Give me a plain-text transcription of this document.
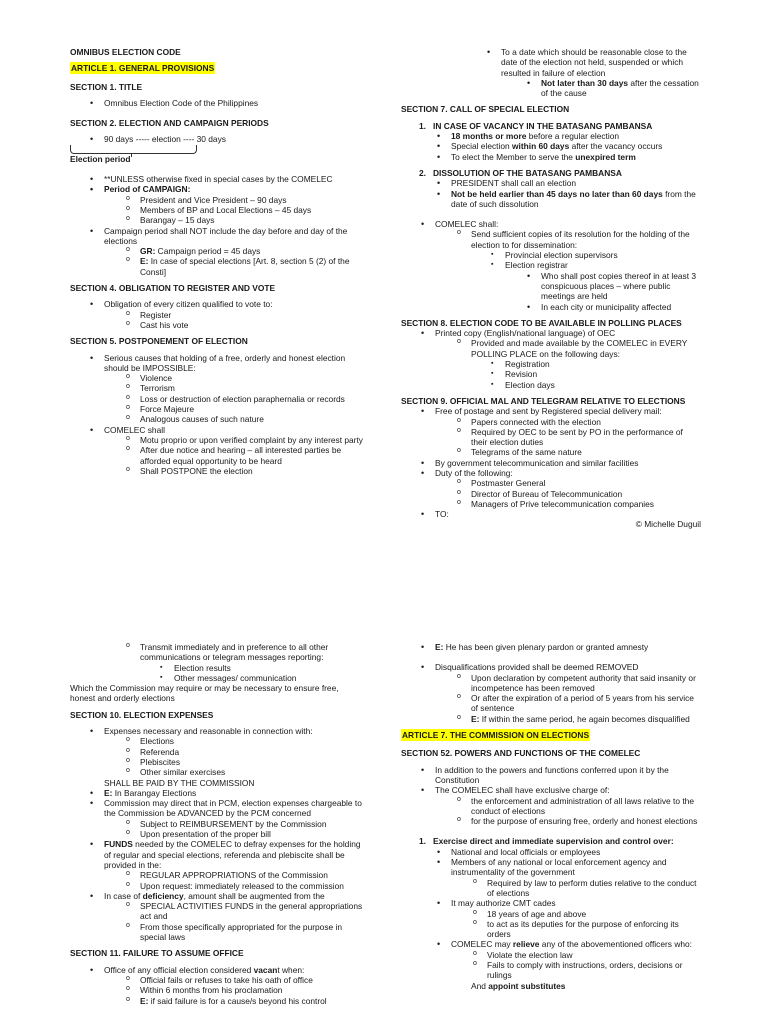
OMNIBUS ELECTION CODE

ARTICLE 1. GENERAL PROVISIONS

SECTION 1. TITLE

• Omnibus Election Code of the Philippines

SECTION 2. ELECTION AND CAMPAIGN PERIODS

• 90 days ----- election ---- 30 days

Election period

• **UNLESS otherwise fixed in special cases by the COMELEC
• Period of CAMPAIGN:
o President and Vice President – 90 days
o Members of BP and Local Elections – 45 days
o Barangay – 15 days
• Campaign period shall NOT include the day before and day of the elections
o GR: Campaign period = 45 days
o E: In case of special elections [Art. 8, section 5 (2) of the Consti]

SECTION 4. OBLIGATION TO REGISTER AND VOTE

• Obligation of every citizen qualified to vote to:
o Register
o Cast his vote

SECTION 5. POSTPONEMENT OF ELECTION

• Serious causes that holding of a free, orderly and honest election should be IMPOSSIBLE:
o Violence
o Terrorism
o Loss or destruction of election paraphernalia or records
o Force Majeure
o Analogous causes of such nature
• COMELEC shall
o Motu proprio or upon verified complaint by any interest party
o After due notice and hearing – all interested parties be afforded equal opportunity to be heard
o Shall POSTPONE the election
• To a date which should be reasonable close to the date of the election not held, suspended or which resulted in failure of election
• Not later than 30 days after the cessation of the cause

SECTION 7. CALL OF SPECIAL ELECTION

1. IN CASE OF VACANCY IN THE BATASANG PAMBANSA
• 18 months or more before a regular election
• Special election within 60 days after the vacancy occurs
• To elect the Member to serve the unexpired term
2. DISSOLUTION OF THE BATASANG PAMBANSA
• PRESIDENT shall call an election
• Not be held earlier than 45 days no later than 60 days from the date of such dissolution
• COMELEC shall:
o Send sufficient copies of its resolution for the holding of the election to for dissemination:
▪ Provincial election supervisors
▪ Election registrar
• Who shall post copies thereof in at least 3 conspicuous places – where public meetings are held
• In each city or municipality affected

SECTION 8. ELECTION CODE TO BE AVAILABLE IN POLLING PLACES

• Printed copy (English/national language) of OEC
o Provided and made available by the COMELEC in EVERY POLLING PLACE on the following days:
▪ Registration
▪ Revision
▪ Election days

SECTION 9. OFFICIAL MAL AND TELEGRAM RELATIVE TO ELECTIONS

• Free of postage and sent by Registered special delivery mail:
o Papers connected with the election
o Required by OEC to be sent by PO in the performance of their election duties
o Telegrams of the same nature
• By government telecommunication and similar facilities
• Duty of the following:
o Postmaster General
o Director of Bureau of Telecommunication
o Managers of Prive telecommunication companies
• TO:

© Michelle Duguil

o Transmit immediately and in preference to all other communications or telegram messages reporting:
▪ Election results
▪ Other messages/ communication

Which the Commission may require or may be necessary to ensure free, honest and orderly elections

SECTION 10. ELECTION EXPENSES

• Expenses necessary and reasonable in connection with:
o Elections
o Referenda
o Plebiscites
o Other similar exercises

SHALL BE PAID BY THE COMMISSION

• E: In Barangay Elections
• Commission may direct that in PCM, election expenses chargeable to the Commission be ADVANCED by the PCM concerned
o Subject to REIMBURSEMENT by the Commission
o Upon presentation of the proper bill
• FUNDS needed by the COMELEC to defray expenses for the holding of regular and special elections, referenda and plebiscite shall be provided in the:
o REGULAR APPROPRIATIONS of the Commission
o Upon request: immediately released to the commission
• In case of deficiency, amount shall be augmented from the
o SPECIAL ACTIVITIES FUNDS in the general appropriations act and
o From those specifically appropriated for the purpose in special laws

SECTION 11. FAILURE TO ASSUME OFFICE

• Office of any official election considered vacant when:
o Official fails or refuses to take his oath of office
o Within 6 months from his proclamation
o E: if said failure is for a cause/s beyond his control
• E: He has been given plenary pardon or granted amnesty
• Disqualifications provided shall be deemed REMOVED
o Upon declaration by competent authority that said insanity or incompetence has been removed
o Or after the expiration of a period of 5 years from his service of sentence
o E: If within the same period, he again becomes disqualified

ARTICLE 7. THE COMMISSION ON ELECTIONS

SECTION 52. POWERS AND FUNCTIONS OF THE COMELEC

• In addition to the powers and functions conferred upon it by the Constitution
• The COMELEC shall have exclusive charge of:
o the enforcement and administration of all laws relative to the conduct of elections
o for the purpose of ensuring free, orderly and honest elections
1. Exercise direct and immediate supervision and control over:
• National and local officials or employees
• Members of any national or local enforcement agency and instrumentality of the government
o Required by law to perform duties relative to the conduct of elections
• It may authorize CMT cades
o 18 years of age and above
o to act as its deputies for the purpose of enforcing its orders
• COMELEC may relieve any of the abovementioned officers who:
o Violate the election law
o Fails to comply with instructions, orders, decisions or rulings

And appoint substitutes
